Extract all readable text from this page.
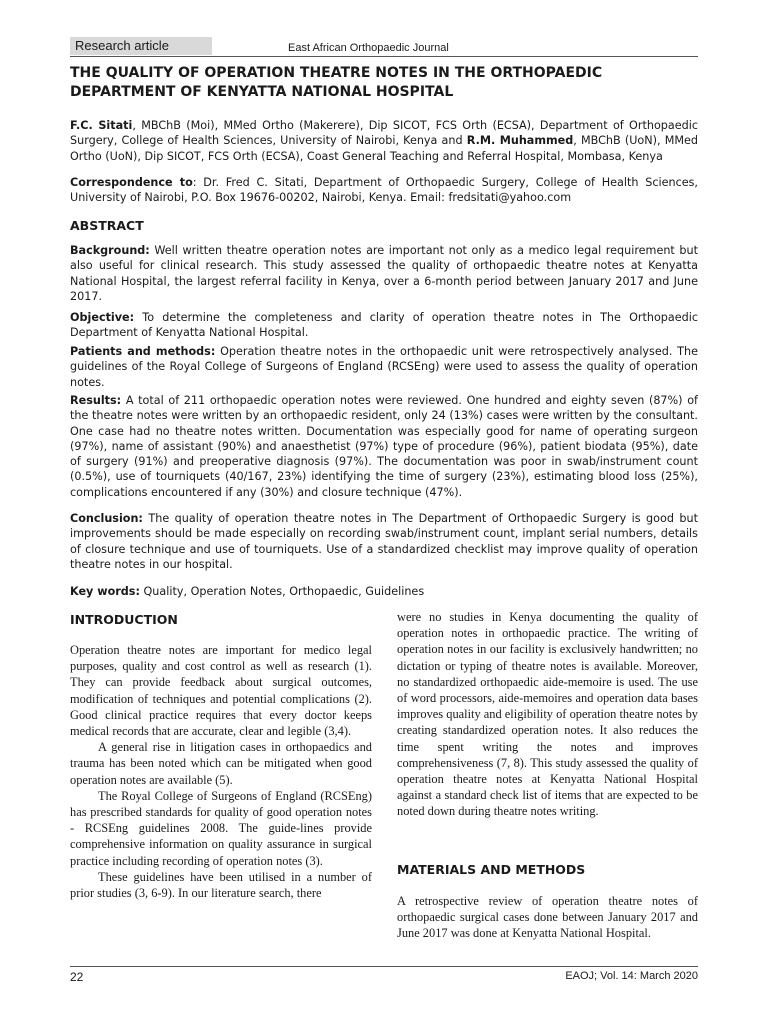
Research article	East African Orthopaedic Journal
THE QUALITY OF OPERATION THEATRE NOTES IN THE ORTHOPAEDIC DEPARTMENT OF KENYATTA NATIONAL HOSPITAL

F.C. Sitati, MBChB (Moi), MMed Ortho (Makerere), Dip SICOT, FCS Orth (ECSA), Department of Orthopaedic Surgery, College of Health Sciences, University of Nairobi, Kenya and R.M. Muhammed, MBChB (UoN), MMed Ortho (UoN), Dip SICOT, FCS Orth (ECSA), Coast General Teaching and Referral Hospital, Mombasa, Kenya

Correspondence to: Dr. Fred C. Sitati, Department of Orthopaedic Surgery, College of Health Sciences, University of Nairobi, P.O. Box 19676-00202, Nairobi, Kenya. Email: fredsitati@yahoo.com

ABSTRACT

Background: Well written theatre operation notes are important not only as a medico legal requirement but also useful for clinical research. This study assessed the quality of orthopaedic theatre notes at Kenyatta National Hospital, the largest referral facility in Kenya, over a 6-month period between January 2017 and June 2017.

Objective: To determine the completeness and clarity of operation theatre notes in The Orthopaedic Department of Kenyatta National Hospital.

Patients and methods: Operation theatre notes in the orthopaedic unit were retrospectively analysed. The guidelines of the Royal College of Surgeons of England (RCSEng) were used to assess the quality of operation notes.

Results: A total of 211 orthopaedic operation notes were reviewed. One hundred and eighty seven (87%) of the theatre notes were written by an orthopaedic resident, only 24 (13%) cases were written by the consultant. One case had no theatre notes written. Documentation was especially good for name of operating surgeon (97%), name of assistant (90%) and anaesthetist (97%) type of procedure (96%), patient biodata (95%), date of surgery (91%) and preoperative diagnosis (97%). The documentation was poor in swab/instrument count (0.5%), use of tourniquets (40/167, 23%) identifying the time of surgery (23%), estimating blood loss (25%), complications encountered if any (30%) and closure technique (47%).

Conclusion: The quality of operation theatre notes in The Department of Orthopaedic Surgery is good but improvements should be made especially on recording swab/instrument count, implant serial numbers, details of closure technique and use of tourniquets. Use of a standardized checklist may improve quality of operation theatre notes in our hospital.

Key words: Quality, Operation Notes, Orthopaedic, Guidelines

INTRODUCTION

Operation theatre notes are important for medico legal purposes, quality and cost control as well as research (1). They can provide feedback about surgical outcomes, modification of techniques and potential complications (2). Good clinical practice requires that every doctor keeps medical records that are accurate, clear and legible (3,4).

A general rise in litigation cases in orthopaedics and trauma has been noted which can be mitigated when good operation notes are available (5).

The Royal College of Surgeons of England (RCSEng) has prescribed standards for quality of good operation notes - RCSEng guidelines 2008. The guide-lines provide comprehensive information on quality assurance in surgical practice including recording of operation notes (3).

These guidelines have been utilised in a number of prior studies (3, 6-9). In our literature search, there

were no studies in Kenya documenting the quality of operation notes in orthopaedic practice. The writing of operation notes in our facility is exclusively handwritten; no dictation or typing of theatre notes is available. Moreover, no standardized orthopaedic aide-memoire is used. The use of word processors, aide-memoires and operation data bases improves quality and eligibility of operation theatre notes by creating standardized operation notes. It also reduces the time spent writing the notes and improves comprehensiveness (7, 8). This study assessed the quality of operation theatre notes at Kenyatta National Hospital against a standard check list of items that are expected to be noted down during theatre notes writing.

MATERIALS AND METHODS

A retrospective review of operation theatre notes of orthopaedic surgical cases done between January 2017 and June 2017 was done at Kenyatta National Hospital.

22	EAOJ; Vol. 14: March 2020
